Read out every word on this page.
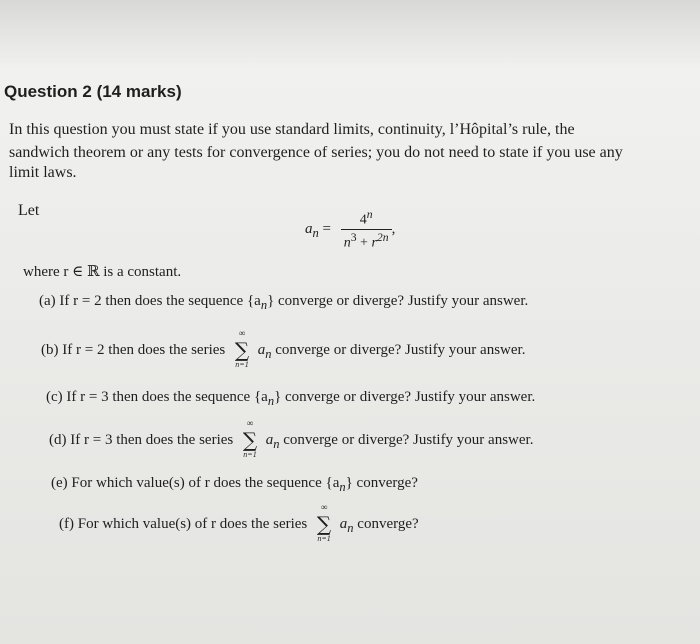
Question 2 (14 marks)
In this question you must state if you use standard limits, continuity, l’Hôpital’s rule, the
sandwich theorem or any tests for convergence of series; you do not need to state if you use any
limit laws.
Let
$a_n = \frac{4^n}{n^3 + r^{2n}}$ ,
where r ∈ ℝ is a constant.
(a) If r = 2 then does the sequence $\{a_n\}$ converge or diverge? Justify your answer.
(b) If r = 2 then does the series
∞
∑
n=1
$a_n$ converge or diverge? Justify your answer.
(c) If r = 3 then does the sequence $\{a_n\}$ converge or diverge? Justify your answer.
(d) If r = 3 then does the series
∞
∑
n=1
$a_n$ converge or diverge? Justify your answer.
(e) For which value(s) of r does the sequence $\{a_n\}$ converge?
(f) For which value(s) of r does the series
∞
∑
n=1
$a_n$ converge?
